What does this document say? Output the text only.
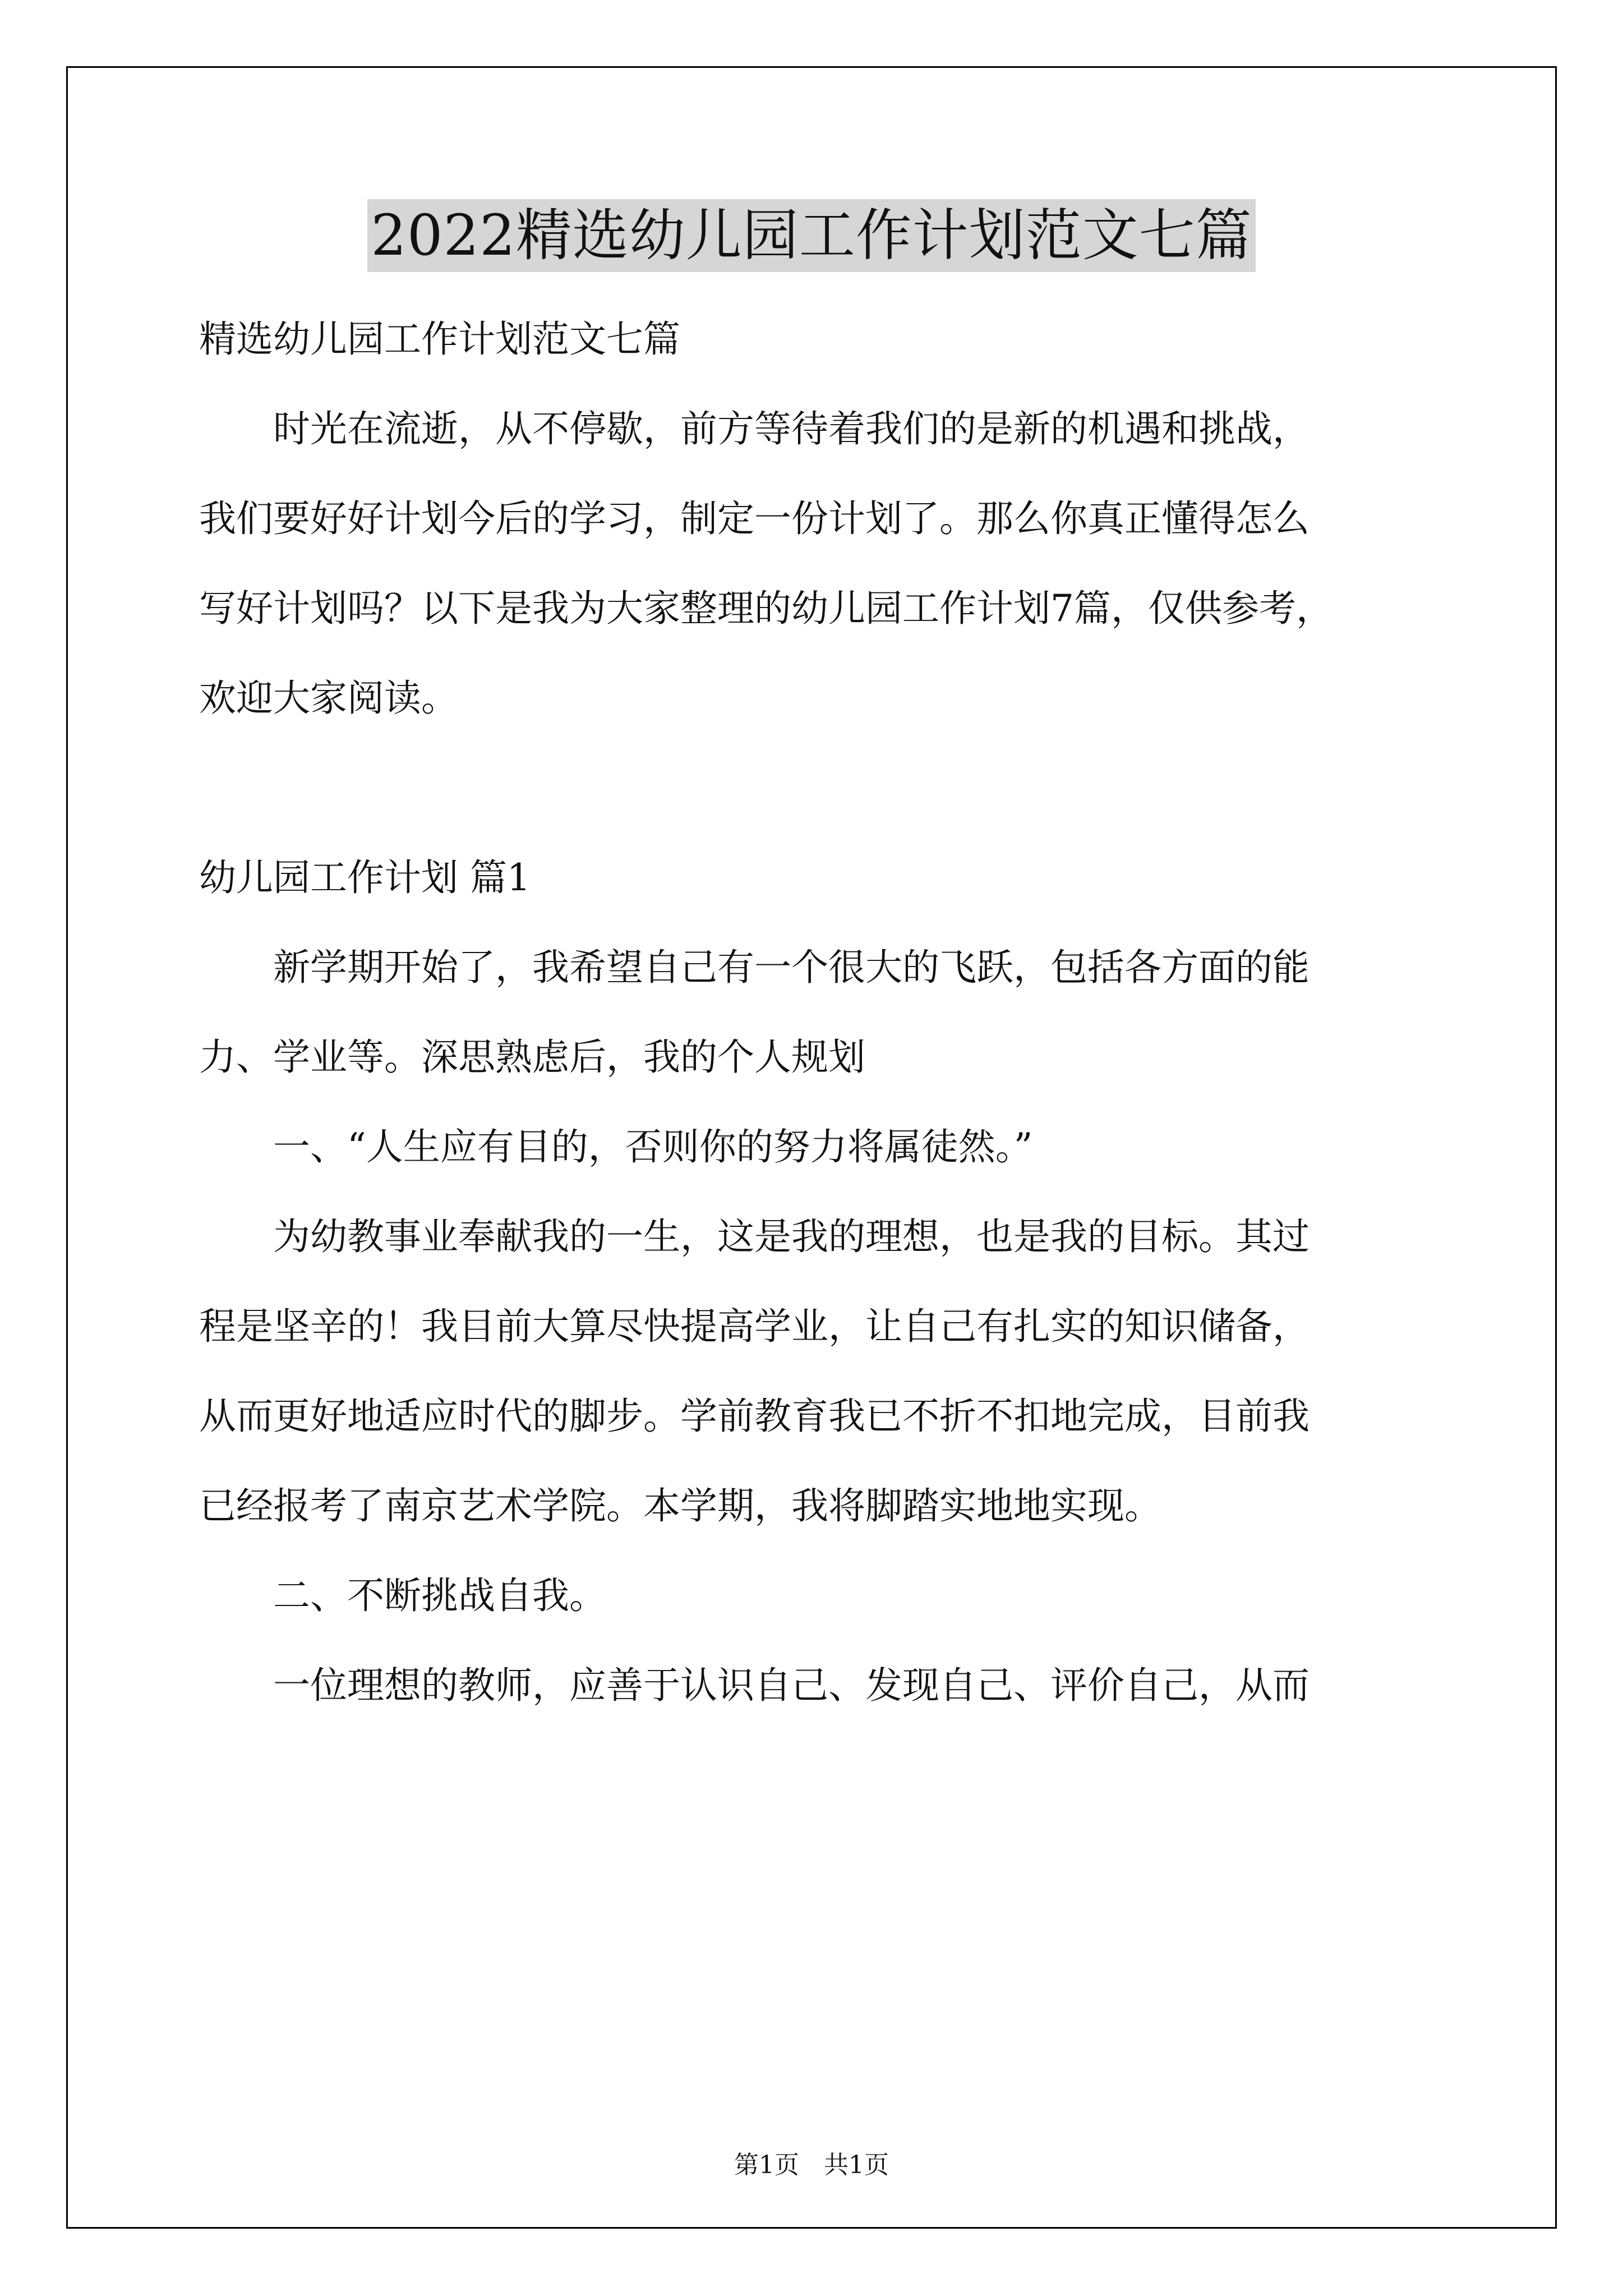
2022精选幼儿园工作计划范文七篇

精选幼儿园工作计划范文七篇

　　时光在流逝，从不停歇，前方等待着我们的是新的机遇和挑战，

我们要好好计划今后的学习，制定一份计划了。那么你真正懂得怎么

写好计划吗？以下是我为大家整理的幼儿园工作计划7篇，仅供参考，

欢迎大家阅读。

幼儿园工作计划 篇1

　　新学期开始了，我希望自己有一个很大的飞跃，包括各方面的能

力、学业等。深思熟虑后，我的个人规划

　　一、“人生应有目的，否则你的努力将属徒然。”

　　为幼教事业奉献我的一生，这是我的理想，也是我的目标。其过

程是坚辛的！我目前大算尽快提高学业，让自己有扎实的知识储备，

从而更好地适应时代的脚步。学前教育我已不折不扣地完成，目前我

已经报考了南京艺术学院。本学期，我将脚踏实地地实现。

　　二、不断挑战自我。

　　一位理想的教师，应善于认识自己、发现自己、评价自己，从而

第1页　共1页
